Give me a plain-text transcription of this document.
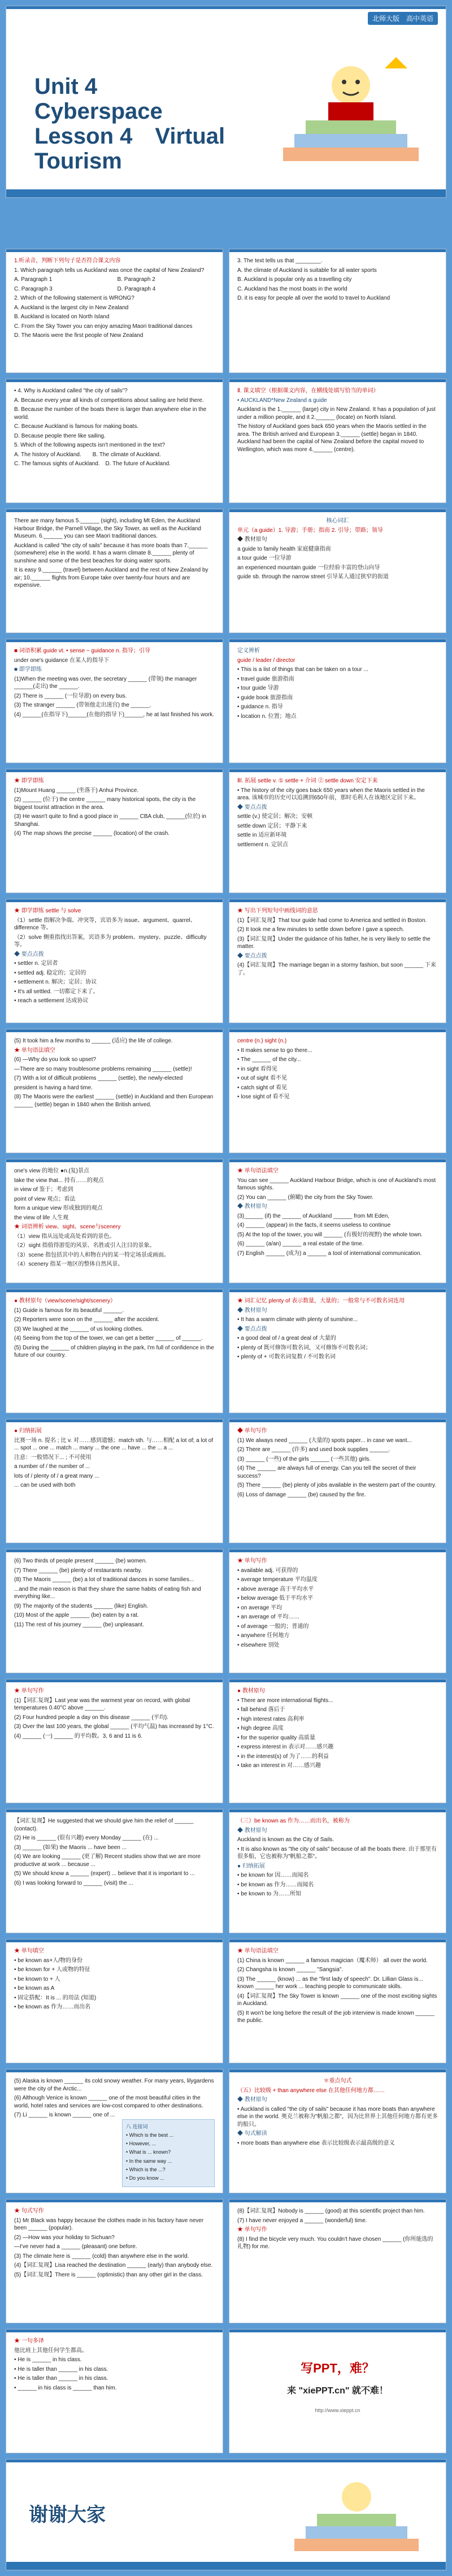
北师大版　高中英语
Unit 4
Cyberspace
Lesson 4　Virtual
Tourism

1.听录音，判断下列句子是否符合课文内容

1. Which paragraph tells us Auckland was once the capital of New Zealand?

A. Paragraph 1

C. Paragraph 3

B. Paragraph 2

D. Paragraph 4

2. Which of the following statement is WRONG?

A. Auckland is the largest city in New Zealand

B. Auckland is located on North Island

C. From the Sky Tower you can enjoy amazing Maori traditional dances

D. The Maoris were the first people of New Zealand

3. The text tells us that ________.

A. the climate of Auckland is suitable for all water sports

B. Auckland is popular only as a travelling city

C. Auckland has the most boats in the world

D. it is easy for people all over the world to travel to Auckland

• 4. Why is Auckland called "the city of sails"?

A. Because every year all kinds of competitions about sailing are held there.

B. Because the number of the boats there is larger than anywhere else in the world.

C. Because Auckland is famous for making boats.

D. Because people there like sailing.

5. Which of the following aspects isn't mentioned in the text?

A. The history of Auckland.　　B. The climate of Auckland.

C. The famous sights of Auckland.　D. The future of Auckland.

Ⅱ. 课文填空（根据课文内容，在横线处填写恰当的单词）

• AUCKLAND*New Zealand a guide

Auckland is the 1.______ (large) city in New Zealand. It has a population of just under a million people, and it 2.______ (locate) on North Island.

The history of Auckland goes back 650 years when the Maoris settled in the area. The British arrived and European 3.______ (settle) began in 1840. Auckland had been the capital of New Zealand before the capital moved to Wellington, which was more 4.______ (centre).

There are many famous 5.______ (sight), including Mt Eden, the Auckland Harbour Bridge, the Parnell Village, the Sky Tower, as well as the Auckland Museum. 6.______ you can see Maori traditional dances.

Auckland is called "the city of sails" because it has more boats than 7.______ (somewhere) else in the world. It has a warm climate 8.______ plenty of sunshine and some of the best beaches for doing water sports.

It is easy 9.______ (travel) between Auckland and the rest of New Zealand by air; 10.______ flights from Europe take over twenty-four hours and are expensive.

核心词汇

单元（a guide）1. 导游；手册；指南 2. 引导；带路；领导

◆ 教材原句

a guide to family health 家庭健康指南

a tour guide 一位导游

an experienced mountain guide 一位经验丰富的登山向导

guide sb. through the narrow street 引导某人通过狭窄的街道

■ 词语积累 guide vt. • sense ~ guidance n. 指导；引导

under one's guidance 在某人的指导下

■ 即学即练

(1)When the meeting was over, the secretary ______ (带领) the manager ______(走出) the ______.

(2) There is ______ (一位导游) on every bus.

(3) The stranger ______ (带领他走出迷宫) the ______.

(4) ______(在指导下)______(在他的指导下)______, he at last finished his work.

定义辨析

guide / leader / director

• This is a list of things that can be taken on a tour ...

• travel guide 旅游指南

• tour guide 导游

• guide book 旅游指南

• guidance n. 指导

• location n. 位置；地点

★ 即学即练

(1)Mount Huang ______ (坐落于) Anhui Province.

(2) ______ (位于) the centre ______ many historical spots, the city is the biggest tourist attraction in the area.

(3) He wasn't quite to find a good place in ______ CBA club, ______(位於) in Shanghai.

(4) The map shows the precise ______ (location) of the crash.

ⅡⅠ. 拓展 settle v. ① settle + 介词 ② settle down 安定下来

• The history of the city goes back 650 years when the Maoris settled in the area. 该城市的历史可以追溯到650年前，那时毛利人在该地区定居下来。

◆ 要点点拨

settle (v.) 使定居；解决；安顿

settle down 定居；平静下来

settle in 适应新环境

settlement n. 定居点

★ 即学即练 settle 与 solve

（1）settle 指解决争端、冲突等，宾语多为 issue、argument、quarrel、difference 等。

（2）solve 侧重指找出答案，宾语多为 problem、mystery、puzzle、difficulty 等。

◆ 要点点拨

• settler n. 定居者

• settled adj. 稳定的；定居的

• settlement n. 解决；定居；协议

• It's all settled. 一切都定下来了。

• reach a settlement 达成协议

★ 写出下列短句中画线词的意思

(1)【词汇复现】That tour guide had come to America and settled in Boston.

(2) It took me a few minutes to settle down before I gave a speech.

(3)【词汇复现】Under the guidance of his father, he is very likely to settle the matter.

◆ 要点点拨

(4)【词汇复现】The marriage began in a stormy fashion, but soon ______ 下来了。

(5) It took him a few months to ______ (适应) the life of college.

★ 单句语法填空

(6) —Why do you look so upset?

—There are so many troublesome problems remaining ______ (settle)!

(7) With a lot of difficult problems ______ (settle), the newly-elected

president is having a hard time.

(8) The Maoris were the earliest ______ (settle) in Auckland and then European ______ (settle) began in 1840 when the British arrived.

centre (n.) sight (n.)

• It makes sense to go there...

• The ______ of the city...

• in sight 看得见

• out of sight 看不见

• catch sight of 看见

• lose sight of 看不见

one's view 的地位 ●n.(复)景点

take the view that... 持有……的观点

in view of 鉴于；考虑到

point of view 观点；看法

form a unique view 形成独到的观点

the view of life 人生观

★ 词语辨析 view、sight、scene与scenery

（1）view 指从远处或高处看到的景色。

（2）sight 指值得游览的风景、名胜或引人注目的景象。

（3）scene 指包括其中的人和物在内的某一特定场景或画面。

（4）scenery 指某一地区的整体自然风景。

★ 单句语法填空

You can see ______ Auckland Harbour Bridge, which is one of Auckland's most famous sights.

(2) You can ______ (俯瞰) the city from the Sky Tower.

◆ 教材原句

(3)______ (if) the ______ of Auckland ______ from Mt Eden,

(4) ______ (appear) in the facts, it seems useless to continue

(5) At the top of the tower, you will ______ (有极好的视野) the whole town.

(6) ______ (a/an) ______ a real estate of the time.

(7) English ______ (成为) a ______ a tool of international communication.

● 教材原句（view/scene/sight/scenery）

(1) Guide is famous for its beautiful ______.

(2) Reporters were soon on the ______ after the accident.

(3) We laughed at the ______ of us looking clothes.

(4) Seeing from the top of the tower, we can get a better ______ of ______.

(5) During the ______ of children playing in the park, I'm full of confidence in the future of our country.

★ 词汇记忆 plenty of 表示数量，大量的；一般常与不可数名词连用

◆ 教材原句

• It has a warm climate with plenty of sunshine...

◆ 要点点拨

• a good deal of / a great deal of 大量的

• plenty of 既可修饰可数名词，又可修饰不可数名词；

• plenty of + 可数名词复数 / 不可数名词

● 归纳拓展

比赛一场 n. 提名 ; 比 v. 对……感到遗憾；match sth. 与……相配 a lot of; a lot of ... spot ... one ... match ... many ... the one ... have ... the ... a ...

注意：一般情况下... ; 不可使用

a number of / the number of ...

lots of / plenty of / a great many ...

... can be used with both

◆ 单句写作

(1) We always need ______ (大量的) spots paper... in case we want...

(2) There are ______ (许多) and used book supplies ______.

(3) ______ (一些) of the girls ______ (一些其他) girls.

(4) The ______ are always full of energy. Can you tell the secret of their success?

(5) There ______ (be) plenty of jobs available in the western part of the country.

(6) Loss of damage ______ (be) caused by the fire.

(6) Two thirds of people present ______ (be) women.

(7) There ______ (be) plenty of restaurants nearby.

(8) The Maoris ______ (be) a lot of traditional dances in some families...

...and the main reason is that they share the same habits of eating fish and everything like...

(9) The majority of the students ______ (like) English.

(10) Most of the apple ______ (be) eaten by a rat.

(11) The rest of his journey ______ (be) unpleasant.

★ 单句写作

• available adj. 可获得的

• average temperature 平均温度

• above average 高于平均水平

• below average 低于平均水平

• on average 平均

• an average of 平均……

• of average 一般的；普通的

• anywhere 任何地方

• elsewhere 别处

★ 单句写作

(1)【词汇复现】Last year was the warmest year on record, with global temperatures 0.40°C above ______.

(2) Four hundred people a day on this disease ______ (平均).

(3) Over the last 100 years, the global ______ (平均气温) has increased by 1°C.

(4) ______ (一) ______ 的平均数。3, 6 and 11 is 6.

● 教材原句

• There are more international flights...

• fall behind 落后于

• high interest rates 高利率

• high degree 高度

• for the superior quality 高质量

• express interest in 表示对……感兴趣

• in the interest(s) of 为了……的利益

• take an interest in 对……感兴趣

【词汇复现】He suggested that we should give him the relief of ______ (contact).

(2) He is ______ (很有兴趣) every Monday ______ (在) ...

(3) ______ (如果) the Maoris ... have been ...

(4) We are looking ______ (更了解) Recent studies show that we are more productive at work ... because ...

(5) We should know a ______ (expert) ... believe that it is important to ...

(6) I was looking forward to ______ (visit) the ...

（三）be known as 作为……而出名，被称为

◆ 教材原句

Auckland is known as the City of Sails.

• It is also known as "the city of sails" because of all the boats there. 由于那里有很多船，它也被称为"帆船之都"。

● 归纳拓展

• be known for 因……而闻名

• be known as 作为……而闻名

• be known to 为……所知

★ 单句填空

• be known as+人/物的身份

• be known for + 人或物的特征

• be known to + 人

• be known as A

• 固定搭配：It is ... 的用法 (知道)

• be known as 作为……而出名

★ 单句语法填空

(1) China is known ______ a famous magician（魔术师） all over the world.

(2) Changsha is known ______ "Sangsia".

(3) The ______ (know) ... as the "first lady of speech". Dr. Lillian Glass is... known ______ her work ... teaching people to communicate skills.

(4)【词汇复现】The Sky Tower is known ______ one of the most exciting sights in Auckland.

(5) It won't be long before the result of the job interview is made known ______ the public.

(5) Alaska is known ______ its cold snowy weather. For many years, lilygardens were the city of the Arctic...

(6) Although Venice is known ______ one of the most beautiful cities in the world, hotel rates and services are low-cost compared to other destinations.

(7) Li ______ is known ______ one of ...

八 连接词

• Which is the best ...

• However, ...

• What is ... known?

• In the same way ...

• Which is the ...?

• Do you know ...

＊重点句式

（五）比较级 + than anywhere else 在其他任何地方都……

◆ 教材原句

• Auckland is called "the city of sails" because it has more boats than anywhere else in the world. 奥克兰被称为"帆船之都"，因为比世界上其他任何地方都有更多的船只。

◆ 句式解读

• more boats than anywhere else 表示比较级表示最高级的意义

★ 句式写作

(1) Mr Black was happy because the clothes made in his factory have never been ______ (popular).

(2) —How was your holiday to Sichuan?

—I've never had a ______ (pleasant) one before.

(3) The climate here is ______ (cold) than anywhere else in the world.

(4)【词汇复现】Lisa reached the destination ______ (early) than anybody else.

(5)【词汇复现】There is ______ (optimistic) than any other girl in the class.

(8)【词汇复现】Nobody is ______ (good) at this scientific project than him.

(7) I have never enjoyed a ______ (wonderful) time.

★ 单句写作

(8) I find the bicycle very much. You couldn't have chosen ______ (你所能选的礼物) for me.

★ 一句多译

他比班上其他任何学生都高。

• He is ______ in his class.

• He is taller than ______ in his class.

• He is taller than ______ in his class.

• ______ in his class is ______ than him.

写PPT，难？
来 "xiePPT.cn" 就不难！
http://www.xieppt.cn
谢谢大家
